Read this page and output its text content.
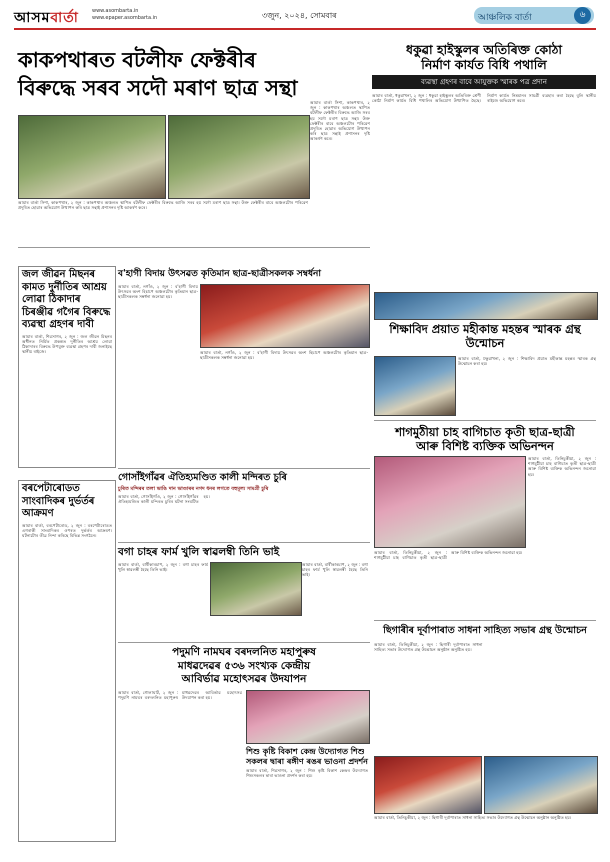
আসমবাৰ্তা	www.asombarta.in
www.epaper.asombarta.in	৩জুন, ২০২৪, সোমবাৰ	আঞ্চলিক বাৰ্তা	৬
কাকপথাৰত বটলীফ ফেক্টৰীৰ
বিৰুদ্ধে সৰব সদৌ মৰাণ ছাত্ৰ সন্থা
ধকুৱা হাইস্কুলৰ অতিৰিক্ত কোঠা
নিৰ্মাণ কাৰ্যত বিধি পথালি
ব্যৱস্থা গ্ৰহণৰ বাবে আযুক্তক স্মাৰক পত্ৰ প্ৰদান

আমাৰ বাৰ্তা সিশা, কাকপথাৰ, ২ জুন : কাকপথাৰ অঞ্চলত স্থাপিত বটলীফ ফেক্টৰীৰ বিৰুদ্ধে আজি সৰব হয় সদৌ মৰাণ ছাত্ৰ সন্থা। উক্ত ফেক্টৰীৰ বাবে অঞ্চলটোৰ পৰিৱেশ প্ৰদূষিত হোৱাৰ অভিযোগ উত্থাপন কৰি ছাত্ৰ সন্থাই প্ৰশাসনৰ দৃষ্টি আকৰ্ষণ কৰে।

আমাৰ বাৰ্তা সিশা, কাকপথাৰ, ২ জুন : কাকপথাৰ অঞ্চলত স্থাপিত বটলীফ ফেক্টৰীৰ বিৰুদ্ধে আজি সৰব হয় সদৌ মৰাণ ছাত্ৰ সন্থা। উক্ত ফেক্টৰীৰ বাবে অঞ্চলটোৰ পৰিৱেশ প্ৰদূষিত হোৱাৰ অভিযোগ উত্থাপন কৰি ছাত্ৰ সন্থাই প্ৰশাসনৰ দৃষ্টি আকৰ্ষণ কৰে।

আমাৰ বাৰ্তা, ধকুৱাখনা, ২ জুন : ধকুৱা হাইস্কুলৰ অতিৰিক্ত শ্ৰেণী কোঠা নিৰ্মাণ কাৰ্যত বিধি পথালিৰ অভিযোগ উত্থাপিত হৈছে। নিৰ্মাণ কাৰ্যত নিম্নমানৰ সামগ্ৰী ব্যৱহাৰ কৰা হৈছে বুলি স্থানীয় ৰাইজে অভিযোগ কৰে।

জল জীৱন মিছনৰ কামত দুৰ্নীতিৰ আশ্ৰয় লোৱা ঠিকাদাৰ চিৰঞ্জীৱ গগৈৰ বিৰুদ্ধে ব্যৱস্থা গ্ৰহণৰ দাবী
আমাৰ বাৰ্তা, শিৱসাগৰ, ২ জুন : জল জীৱন মিছনৰ অধীনত নিৰ্মিত প্ৰকল্পত দুৰ্নীতিৰ আশ্ৰয় লোৱা ঠিকাদাৰৰ বিৰুদ্ধে উপযুক্ত ব্যৱস্থা গ্ৰহণৰ দাবী জনাইছে স্থানীয় ৰাইজে।
বৰপেটাৰোডত সাংবাদিকৰ দুৰ্ভৰ্তৰ আক্ৰমণ
আমাৰ বাৰ্তা, বৰপেটাৰোড, ২ জুন : বৰপেটাৰোডত এগৰাকী সাংবাদিকৰ ওপৰত দুৰ্ভৰ্তৰ আক্ৰমণ। ঘটনাটোৰ তীব্ৰ নিন্দা কৰিছে বিভিন্ন সংগঠনে।
ব'হাগী বিদায় উৎসৱত কৃতিমান ছাত্ৰ-ছাত্ৰীসকলক সম্বৰ্ধনা
আমাৰ বাৰ্তা, নগাঁও, ২ জুন : ব'হাগী বিদায় উৎসৱৰ অংশ হিচাপে অঞ্চলটোৰ কৃতিমান ছাত্ৰ-ছাত্ৰীসকলক সম্বৰ্ধনা জনোৱা হয়।
আমাৰ বাৰ্তা, নগাঁও, ২ জুন : ব'হাগী বিদায় উৎসৱৰ অংশ হিচাপে অঞ্চলটোৰ কৃতিমান ছাত্ৰ-ছাত্ৰীসকলক সম্বৰ্ধনা জনোৱা হয়।
গোসাঁইগাঁৱৰ ঐতিহ্যমণ্ডিত কালী মন্দিৰত চুৰি
চুৰিত মন্দিৰৰ তলা ভাঙি দান ভাণ্ডাৰৰ নগদ ধনৰ লগতে বহুমূল্য সামগ্ৰী চুৰি

আমাৰ বাৰ্তা, গোসাঁইগাঁও, ২ জুন : গোসাঁইগাঁৱৰ ঐতিহ্যমণ্ডিত কালী মন্দিৰত চুৰিৰ ঘটনা সংঘটিত হয়।

বগা চাহৰ ফাৰ্ম খুলি স্বাৱলম্বী তিনি ভাই
আমাৰ বাৰ্তা, বাৰ্ষীকাৰচাপ, ২ জুন : বগা চাহৰ ফাৰ্ম খুলি স্বাৱলম্বী হৈছে তিনি ভাই।
আমাৰ বাৰ্তা, বাৰ্ষীকাৰচাপ, ২ জুন : বগা চাহৰ ফাৰ্ম খুলি স্বাৱলম্বী হৈছে তিনি ভাই।
পদুমণি নামঘৰ বৰদলনিত মহাপুৰুষ
মাধৱদেৱৰ ৫৩৬ সংখ্যক কেন্দ্ৰীয়
আবিৰ্ভাৱ মহোৎসৱৰ উদযাপন

আমাৰ বাৰ্তা, গোলাঘাট, ২ জুন : পদুমণি নামঘৰ বৰদলনিত মহাপুৰুষ মাধৱদেৱৰ আবিৰ্ভাৱ মহোৎসৱ উদযাপন কৰা হয়।

শিশু কৃষ্টি বিকাশ কেন্দ্ৰ উদ্যোগত শিশু সকলৰ দ্বাৰা ৰঙ্গীণ ৰঙৰ ভাওনা প্ৰদৰ্শন
আমাৰ বাৰ্তা, শিৱসাগৰ, ২ জুন : শিশু কৃষ্টি বিকাশ কেন্দ্ৰৰ উদ্যোগত শিশুসকলৰ দ্বাৰা ভাওনা প্ৰদৰ্শন কৰা হয়।
শিক্ষাবিদ প্ৰয়াত মহীকান্ত মহন্তৰ স্মাৰক গ্ৰন্থ উন্মোচন
আমাৰ বাৰ্তা, ঢকুৱাখনা, ২ জুন : শিক্ষাবিদ প্ৰয়াত মহীকান্ত মহন্তৰ স্মাৰক গ্ৰন্থ উন্মোচন কৰা হয়।
শাগমুঠীয়া চাহ বাগিচাত কৃতী ছাত্ৰ-ছাত্ৰী
আৰু বিশিষ্ট ব্যক্তিক অভিনন্দন
আমাৰ বাৰ্তা, তিনিচুকীয়া, ২ জুন : শাগমুঠীয়া চাহ বাগিচাত কৃতী ছাত্ৰ-ছাত্ৰী আৰু বিশিষ্ট ব্যক্তিক অভিনন্দন জনোৱা হয়।

আমাৰ বাৰ্তা, তিনিচুকীয়া, ২ জুন : শাগমুঠীয়া চাহ বাগিচাত কৃতী ছাত্ৰ-ছাত্ৰী আৰু বিশিষ্ট ব্যক্তিক অভিনন্দন জনোৱা হয়।

ছিগাৰীৰ দূৰ্বাপাৰাত সাধনা সাহিত্য সভাৰ গ্ৰন্থ উন্মোচন

আমাৰ বাৰ্তা, তিনিচুকীয়া, ২ জুন : ছিগাৰী দূৰ্বাপাৰাত সাধনা সাহিত্য সভাৰ উদ্যোগত গ্ৰন্থ উন্মোচন অনুষ্ঠান অনুষ্ঠিত হয়।

আমাৰ বাৰ্তা, তিনিচুকীয়া, ২ জুন : ছিগাৰী দূৰ্বাপাৰাত সাধনা সাহিত্য সভাৰ উদ্যোগত গ্ৰন্থ উন্মোচন অনুষ্ঠান অনুষ্ঠিত হয়।
